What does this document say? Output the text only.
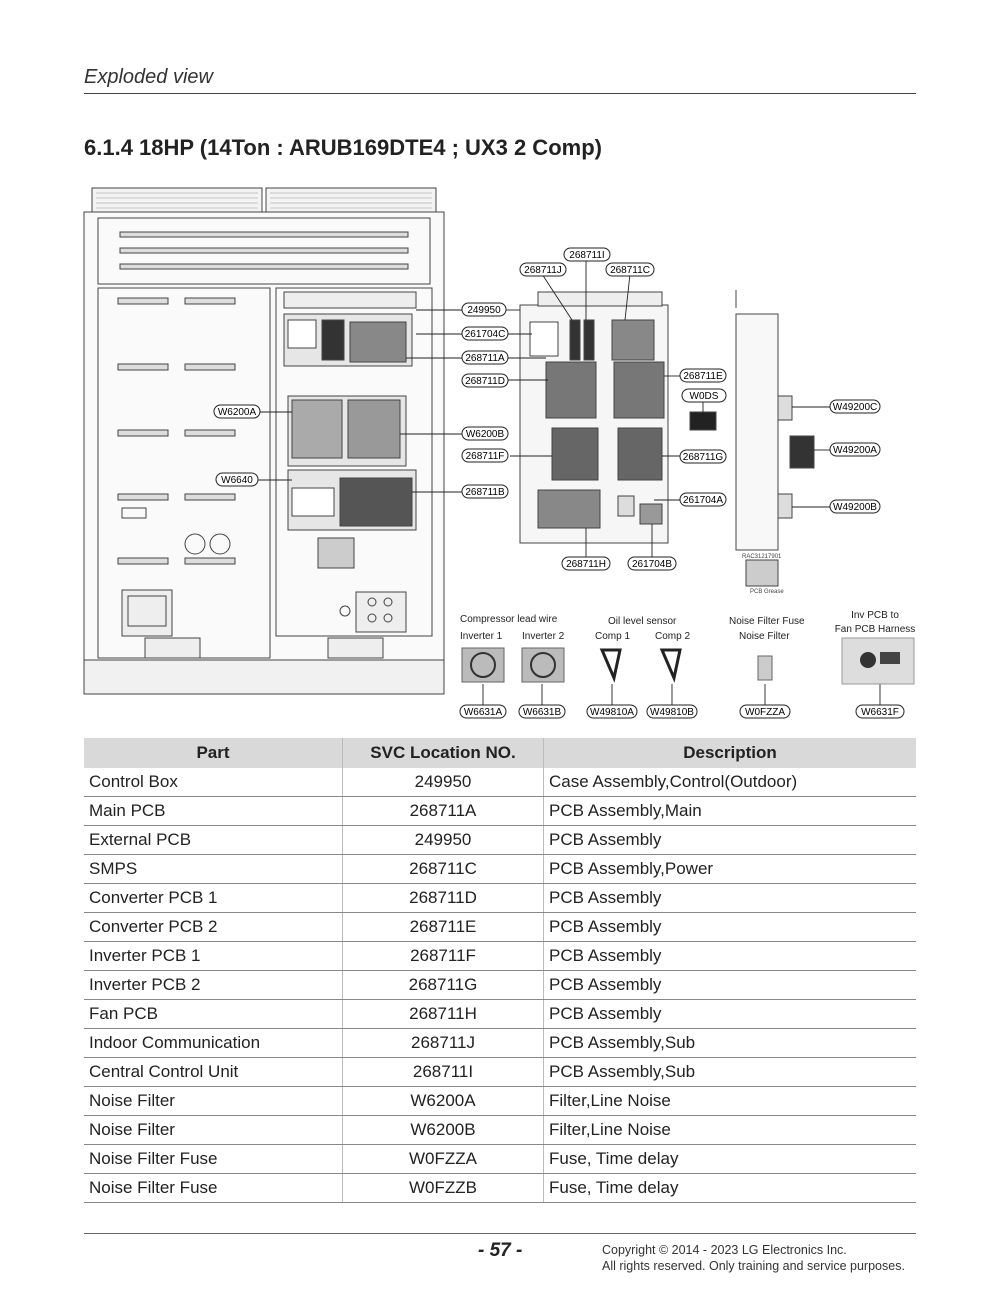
Exploded view
6.1.4 18HP (14Ton : ARUB169DTE4 ; UX3 2 Comp)
RAC31217901
PCB Grease
268711I
268711J	268711C
249950
261704C
268711A
268711D	268711E
W0DS
W6200A
W6200B
268711F	268711G
W6640
268711B
261704A
268711H	261704B
W49200C
W49200A
W49200B
Compressor lead wire
Inverter 1 Inverter 2
Oil level sensor
Comp 1 Comp 2
Noise Filter Fuse
Noise Filter
Inv PCB to
Fan PCB Harness
W6631A W6631B	W49810A W49810B	W0FZZA	W6631F
Part	SVC Location NO.	Description
Control Box	249950	Case Assembly,Control(Outdoor)
Main PCB	268711A	PCB Assembly,Main
External PCB	249950	PCB Assembly
SMPS	268711C	PCB Assembly,Power
Converter PCB 1	268711D	PCB Assembly
Converter PCB 2	268711E	PCB Assembly
Inverter PCB 1	268711F	PCB Assembly
Inverter PCB 2	268711G	PCB Assembly
Fan PCB	268711H	PCB Assembly
Indoor Communication	268711J	PCB Assembly,Sub
Central Control Unit	268711I	PCB Assembly,Sub
Noise Filter	W6200A	Filter,Line Noise
Noise Filter	W6200B	Filter,Line Noise
Noise Filter Fuse	W0FZZA	Fuse, Time delay
Noise Filter Fuse	W0FZZB	Fuse, Time delay
- 57 -	Copyright © 2014 - 2023 LG Electronics Inc.
All rights reserved. Only training and service purposes.
